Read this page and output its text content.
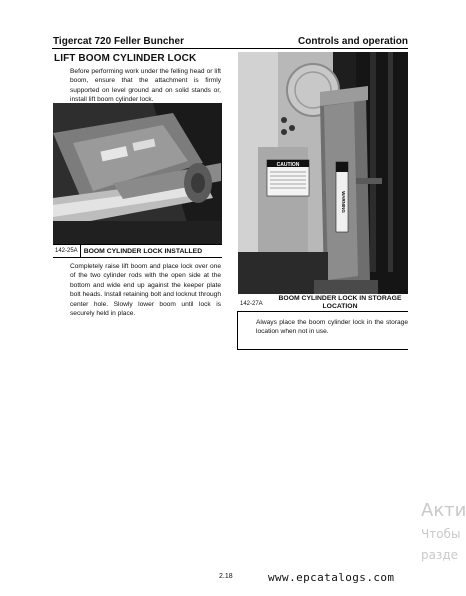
Tigercat 720 Feller Buncher	Controls and operation
LIFT BOOM CYLINDER LOCK
Before performing work under the felling head or lift boom, ensure that the attachment is firmly supported on level ground and on solid stands or, install lift boom cylinder lock.
142-25A BOOM CYLINDER LOCK INSTALLED
Completely raise lift boom and place lock over one of the two cylinder rods with the open side at the bottom and wide end up against the keeper plate bolt heads. Install retaining bolt and locknut through center hole. Slowly lower boom until lock is securely held in place.
CAUTION
WARNING
142-27A
BOOM CYLINDER LOCK IN STORAGE LOCATION
Always place the boom cylinder lock in the storage location when not in use.
2.18	www.epcatalogs.com
Акти
Чтобы
разде
